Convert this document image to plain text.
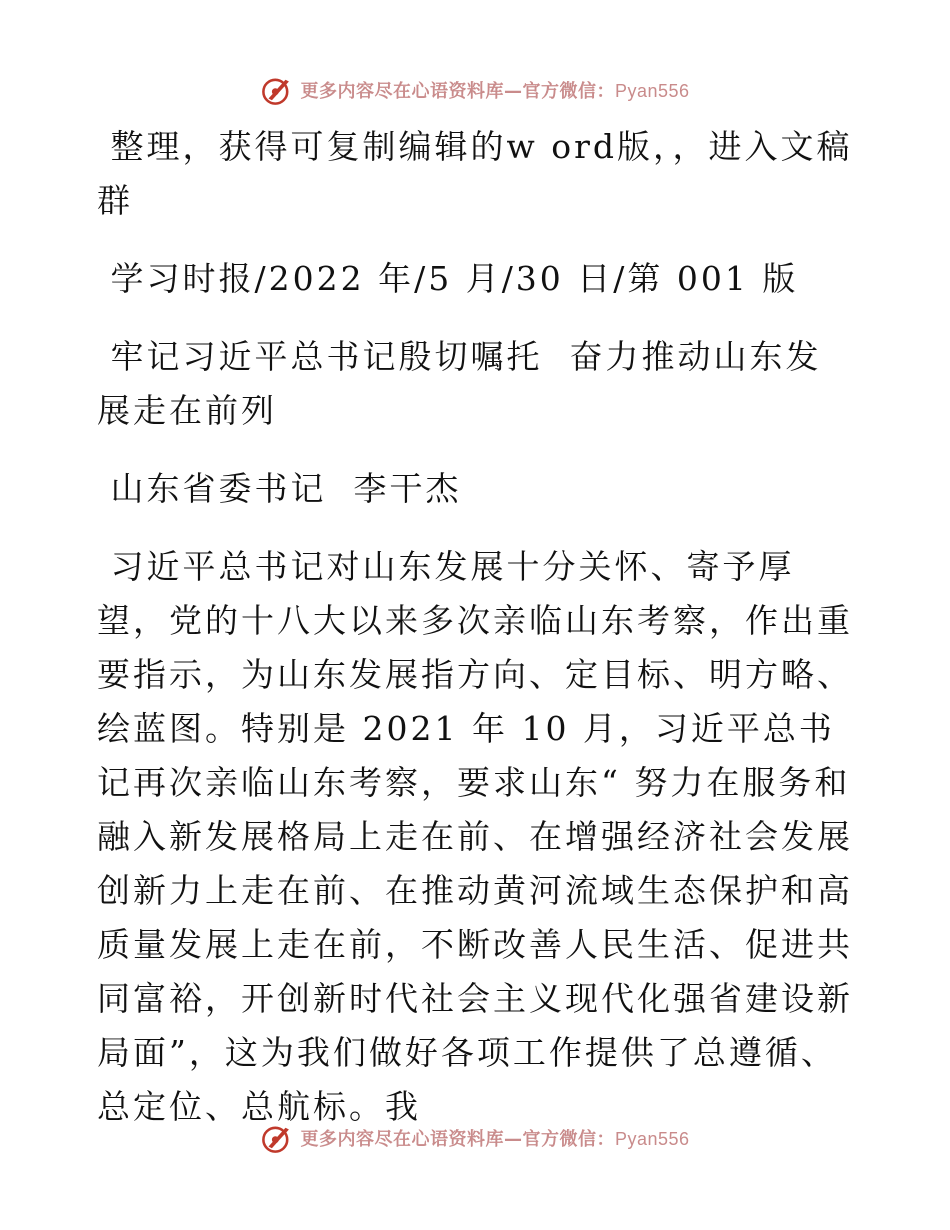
更多内容尽在心语资料库—官方微信：Pyan556

整理，获得可复制编辑的w ord版，，进入文稿群

学习时报/2022 年/5 月/30 日/第 001 版

牢记习近平总书记殷切嘱托  奋力推动山东发展走在前列

山东省委书记  李干杰

习近平总书记对山东发展十分关怀、寄予厚望，党的十八大以来多次亲临山东考察，作出重要指示，为山东发展指方向、定目标、明方略、绘蓝图。特别是 2021 年 10 月，习近平总书记再次亲临山东考察，要求山东“ 努力在服务和融入新发展格局上走在前、在增强经济社会发展创新力上走在前、在推动黄河流域生态保护和高质量发展上走在前，不断改善人民生活、促进共同富裕，开创新时代社会主义现代化强省建设新局面”，这为我们做好各项工作提供了总遵循、总定位、总航标。我

更多内容尽在心语资料库—官方微信：Pyan556
